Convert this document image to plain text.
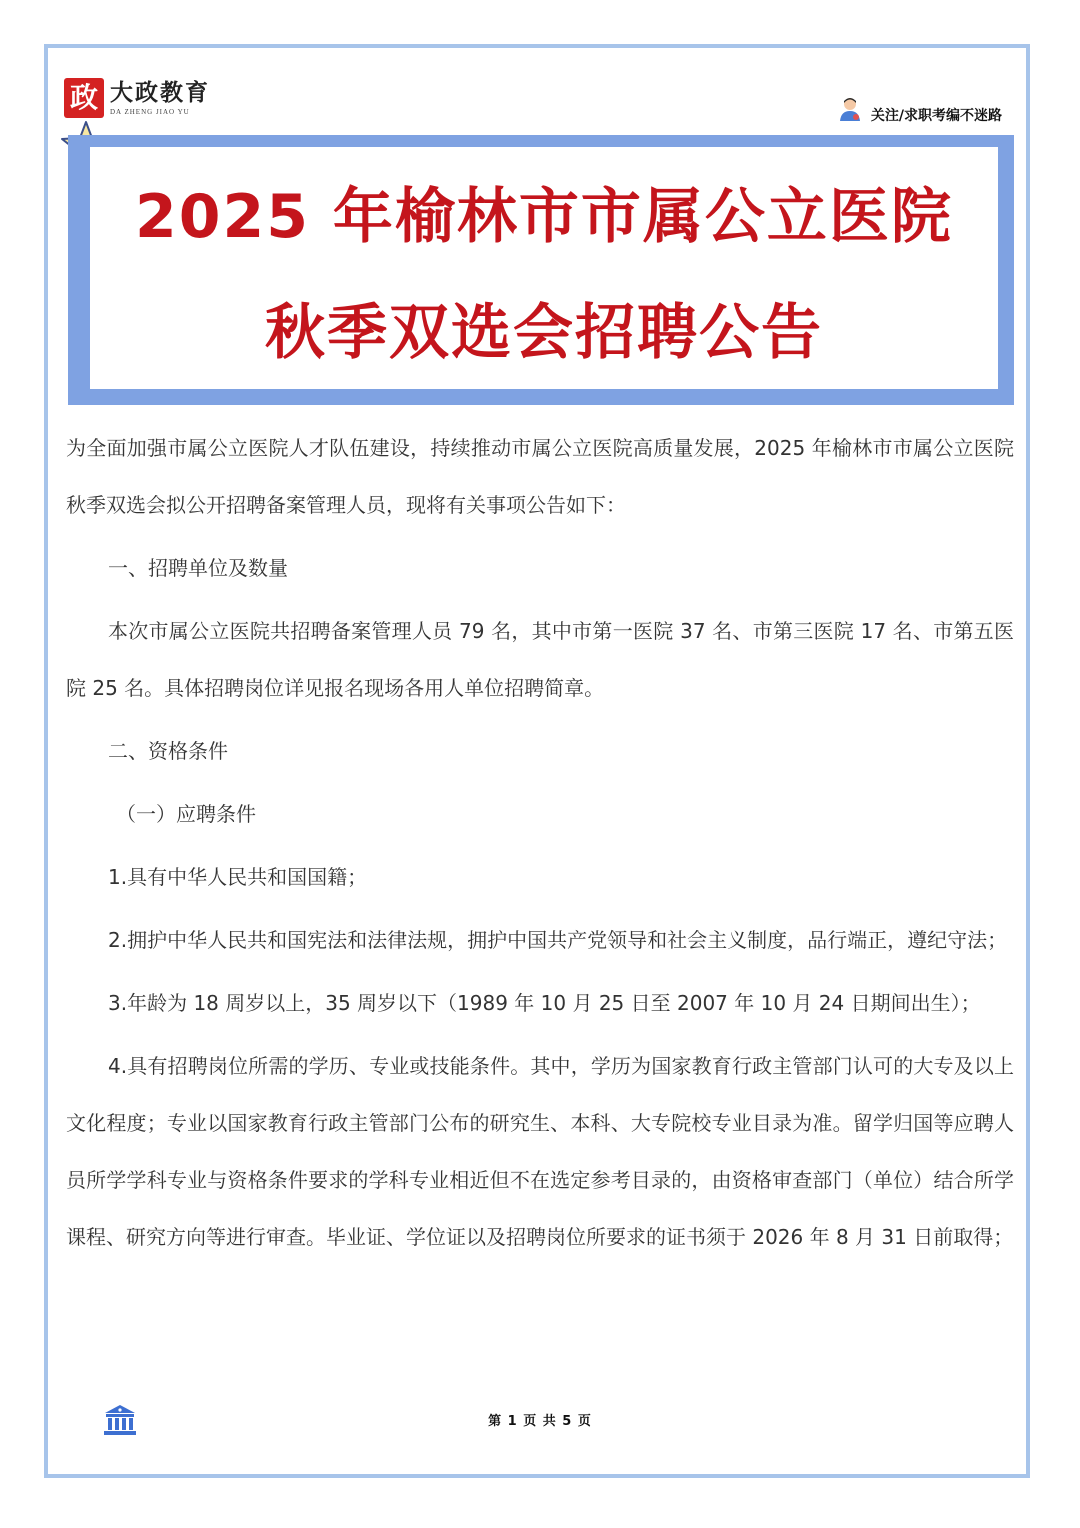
政 大政教育
DA ZHENG JIAO YU	关注/求职考编不迷路
2025 年榆林市市属公立医院
秋季双选会招聘公告

为全面加强市属公立医院人才队伍建设，持续推动市属公立医院高质量发展，2025 年榆林市市属公立医院秋季双选会拟公开招聘备案管理人员，现将有关事项公告如下：

一、招聘单位及数量

本次市属公立医院共招聘备案管理人员 79 名，其中市第一医院 37 名、市第三医院 17 名、市第五医院 25 名。具体招聘岗位详见报名现场各用人单位招聘简章。

二、资格条件

（一）应聘条件

1.具有中华人民共和国国籍；

2.拥护中华人民共和国宪法和法律法规，拥护中国共产党领导和社会主义制度，品行端正，遵纪守法；

3.年龄为 18 周岁以上，35 周岁以下（1989 年 10 月 25 日至 2007 年 10 月 24 日期间出生）；

4.具有招聘岗位所需的学历、专业或技能条件。其中，学历为国家教育行政主管部门认可的大专及以上文化程度；专业以国家教育行政主管部门公布的研究生、本科、大专院校专业目录为准。留学归国等应聘人员所学学科专业与资格条件要求的学科专业相近但不在选定参考目录的，由资格审查部门（单位）结合所学课程、研究方向等进行审查。毕业证、学位证以及招聘岗位所要求的证书须于 2026 年 8 月 31 日前取得；

第 1 页 共 5 页
